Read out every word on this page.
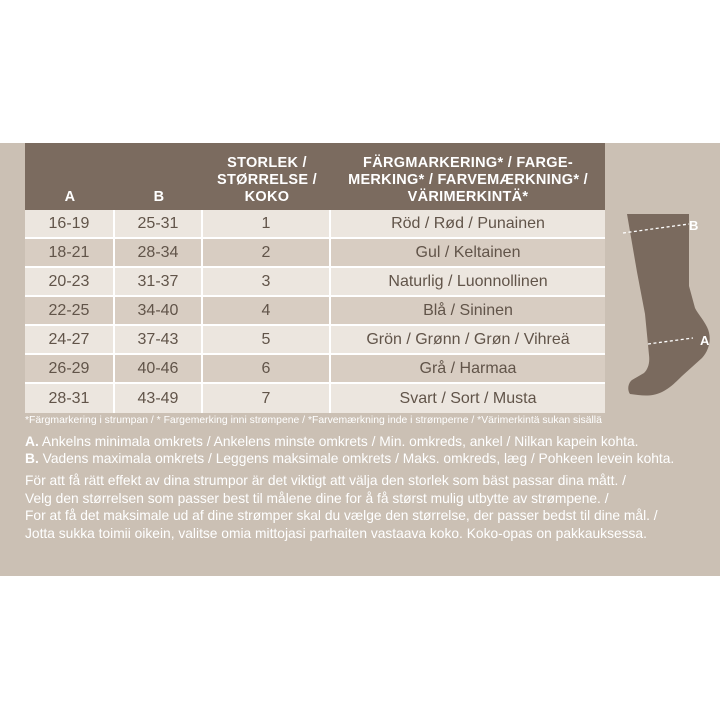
A	B	STORLEK /
STØRRELSE /
KOKO	FÄRGMARKERING* / FARGE-
MERKING* / FARVEMÆRKNING* /
VÄRIMERKINTÄ*

16-19	25-31	1	Röd / Rød / Punainen
18-21	28-34	2	Gul / Keltainen
20-23	31-37	3	Naturlig / Luonnollinen
22-25	34-40	4	Blå / Sininen
24-27	37-43	5	Grön / Grønn / Grøn / Vihreä
26-29	40-46	6	Grå / Harmaa
28-31	43-49	7	Svart / Sort / Musta
B
A
*Färgmarkering i strumpan / * Fargemerking inni strømpene / *Farvemærkning inde i strømperne / *Värimerkintä sukan sisällä
A. Ankelns minimala omkrets / Ankelens minste omkrets / Min. omkreds, ankel / Nilkan kapein kohta.
B. Vadens maximala omkrets / Leggens maksimale omkrets / Maks. omkreds, læg / Pohkeen levein kohta.
För att få rätt effekt av dina strumpor är det viktigt att välja den storlek som bäst passar dina mått. /
Velg den størrelsen som passer best til målene dine for å få størst mulig utbytte av strømpene. /
For at få det maksimale ud af dine strømper skal du vælge den størrelse, der passer bedst til dine mål. /
Jotta sukka toimii oikein, valitse omia mittojasi parhaiten vastaava koko. Koko-opas on pakkauksessa.
